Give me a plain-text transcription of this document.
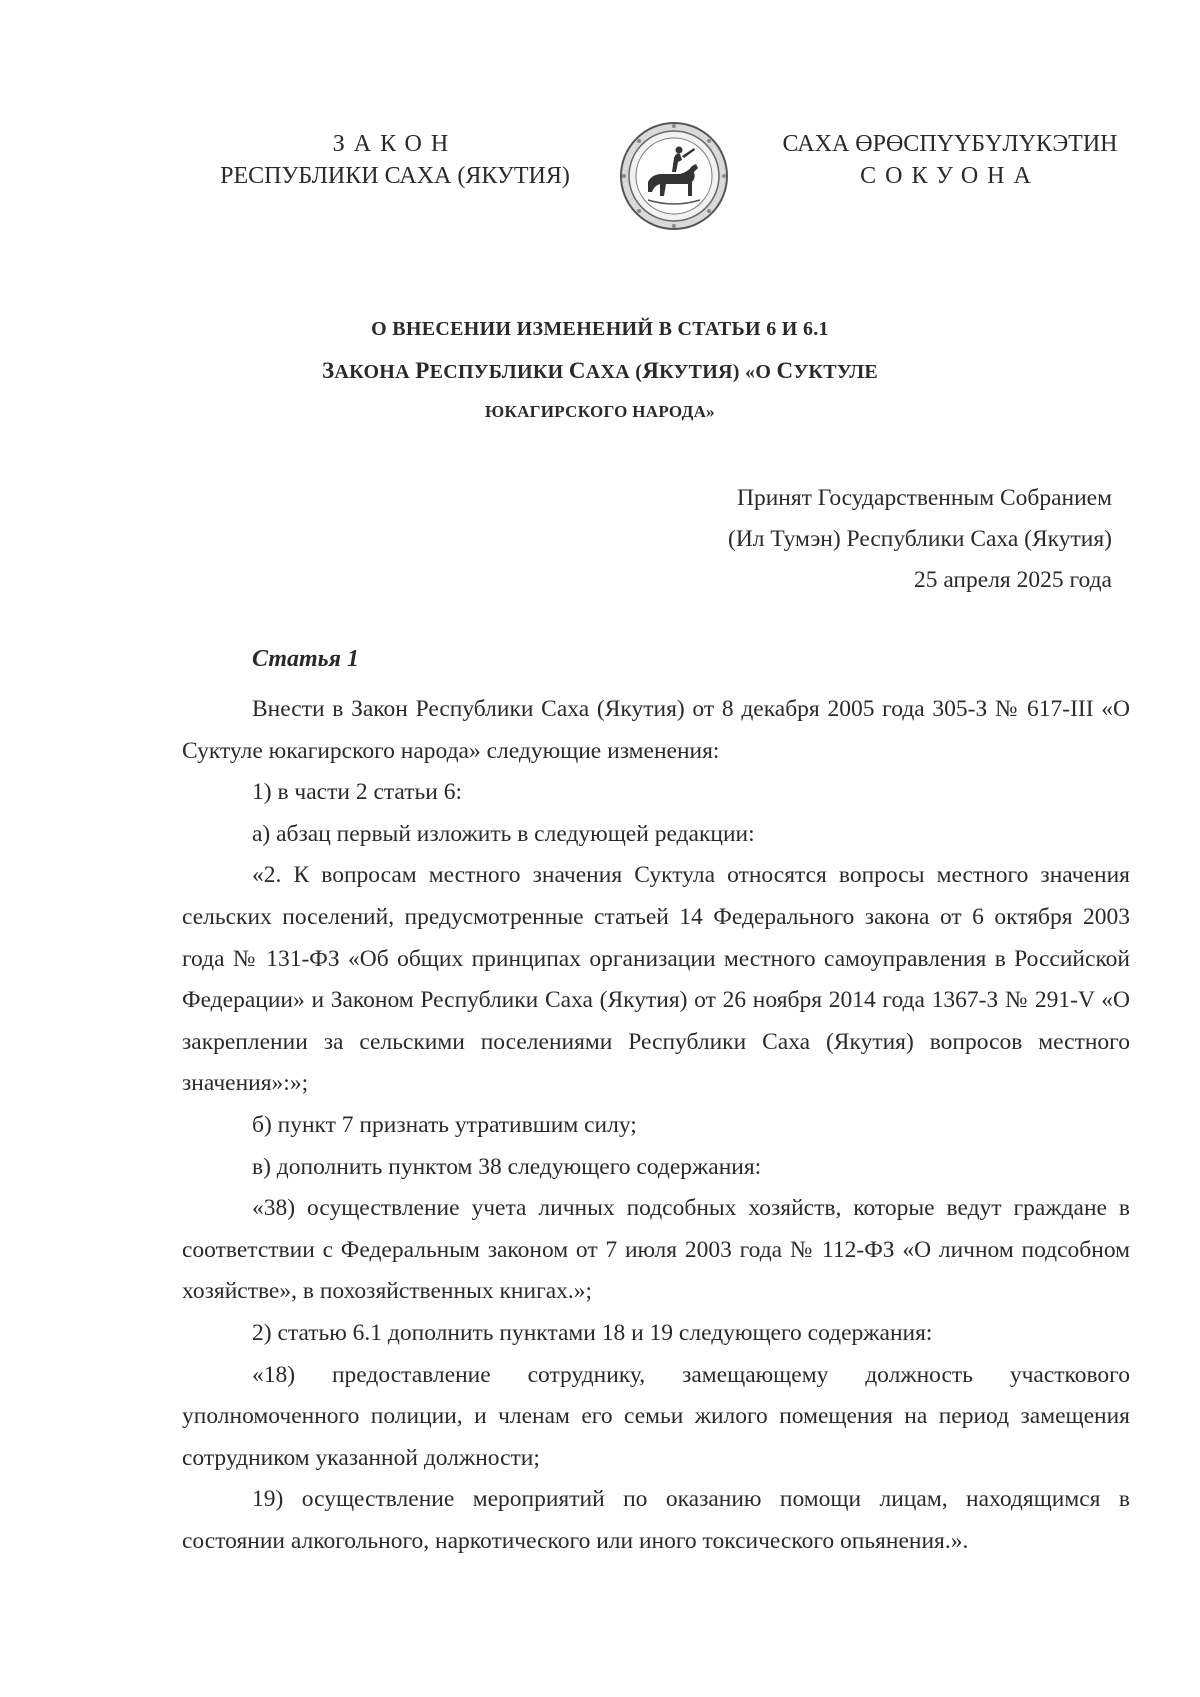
ЗАКОН
РЕСПУБЛИКИ САХА (ЯКУТИЯ)
САХА ӨРӨСПҮҮБҮЛҮКЭТИН
СОКУОНА
О ВНЕСЕНИИ ИЗМЕНЕНИЙ В СТАТЬИ 6 И 6.1
ЗАКОНА РЕСПУБЛИКИ САХА (ЯКУТИЯ) «О СУКТУЛЕ
ЮКАГИРСКОГО НАРОДА»
Принят Государственным Собранием
(Ил Тумэн) Республики Саха (Якутия)
25 апреля 2025 года
Статья 1

Внести в Закон Республики Саха (Якутия) от 8 декабря 2005 года 305-З № 617-III «О Суктуле юкагирского народа» следующие изменения:

1) в части 2 статьи 6:

а) абзац первый изложить в следующей редакции:

«2. К вопросам местного значения Суктула относятся вопросы местного значения сельских поселений, предусмотренные статьей 14 Федерального закона от 6 октября 2003 года № 131-ФЗ «Об общих принципах организации местного самоуправления в Российской Федерации» и Законом Республики Саха (Якутия) от 26 ноября 2014 года 1367-З № 291-V «О закреплении за сельскими поселениями Республики Саха (Якутия) вопросов местного значения»:»;

б) пункт 7 признать утратившим силу;

в) дополнить пунктом 38 следующего содержания:

«38) осуществление учета личных подсобных хозяйств, которые ведут граждане в соответствии с Федеральным законом от 7 июля 2003 года № 112-ФЗ «О личном подсобном хозяйстве», в похозяйственных книгах.»;

2) статью 6.1 дополнить пунктами 18 и 19 следующего содержания:

«18) предоставление сотруднику, замещающему должность участкового уполномоченного полиции, и членам его семьи жилого помещения на период замещения сотрудником указанной должности;

19) осуществление мероприятий по оказанию помощи лицам, находящимся в состоянии алкогольного, наркотического или иного токсического опьянения.».
